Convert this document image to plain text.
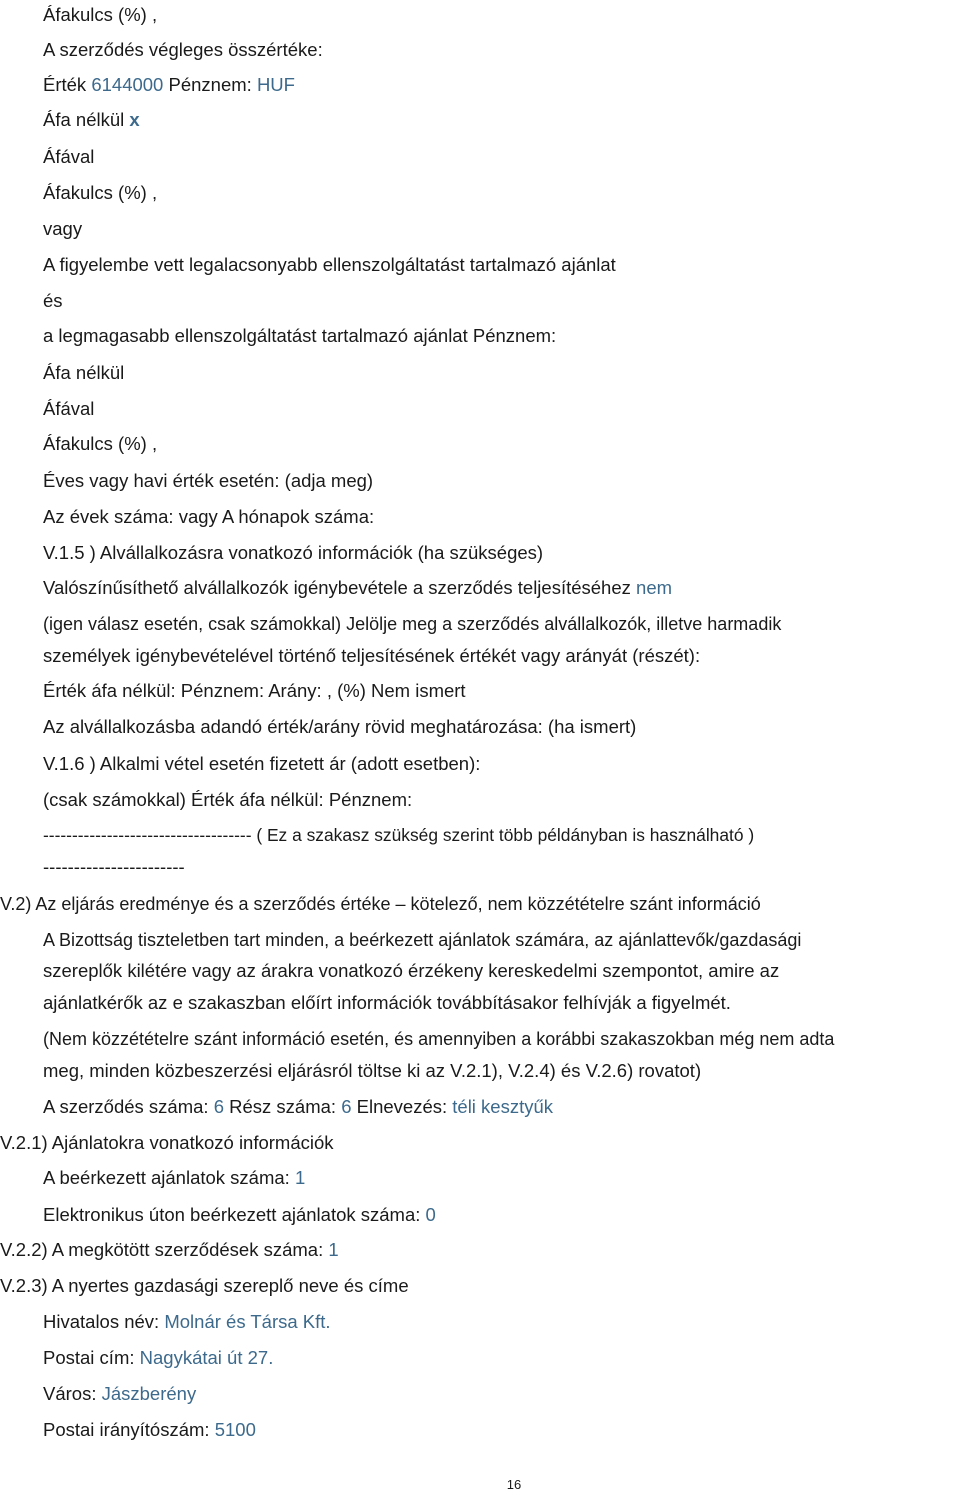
Áfakulcs (%) ,

A szerződés végleges összértéke:

Érték 6144000 Pénznem: HUF

Áfa nélkül x

Áfával

Áfakulcs (%) ,

vagy

A figyelembe vett legalacsonyabb ellenszolgáltatást tartalmazó ajánlat

és

a legmagasabb ellenszolgáltatást tartalmazó ajánlat Pénznem:

Áfa nélkül

Áfával

Áfakulcs (%) ,

Éves vagy havi érték esetén: (adja meg)

Az évek száma: vagy A hónapok száma:

V.1.5 ) Alvállalkozásra vonatkozó információk (ha szükséges)

Valószínűsíthető alvállalkozók igénybevétele a szerződés teljesítéséhez nem

(igen válasz esetén, csak számokkal) Jelölje meg a szerződés alvállalkozók, illetve harmadik

személyek igénybevételével történő teljesítésének értékét vagy arányát (részét):

Érték áfa nélkül: Pénznem: Arány: , (%) Nem ismert

Az alvállalkozásba adandó érték/arány rövid meghatározása: (ha ismert)

V.1.6 ) Alkalmi vétel esetén fizetett ár (adott esetben):

(csak számokkal) Érték áfa nélkül: Pénznem:

------------------------------------ ( Ez a szakasz szükség szerint több példányban is használható )

-----------------------

V.2) Az eljárás eredménye és a szerződés értéke – kötelező, nem közzétételre szánt információ

A Bizottság tiszteletben tart minden, a beérkezett ajánlatok számára, az ajánlattevők/gazdasági

szereplők kilétére vagy az árakra vonatkozó érzékeny kereskedelmi szempontot, amire az

ajánlatkérők az e szakaszban előírt információk továbbításakor felhívják a figyelmét.

(Nem közzétételre szánt információ esetén, és amennyiben a korábbi szakaszokban még nem adta

meg, minden közbeszerzési eljárásról töltse ki az V.2.1), V.2.4) és V.2.6) rovatot)

A szerződés száma: 6 Rész száma: 6 Elnevezés: téli kesztyűk

V.2.1) Ajánlatokra vonatkozó információk

A beérkezett ajánlatok száma: 1

Elektronikus úton beérkezett ajánlatok száma: 0

V.2.2) A megkötött szerződések száma: 1

V.2.3) A nyertes gazdasági szereplő neve és címe

Hivatalos név: Molnár és Társa Kft.

Postai cím: Nagykátai út 27.

Város: Jászberény

Postai irányítószám: 5100

16
